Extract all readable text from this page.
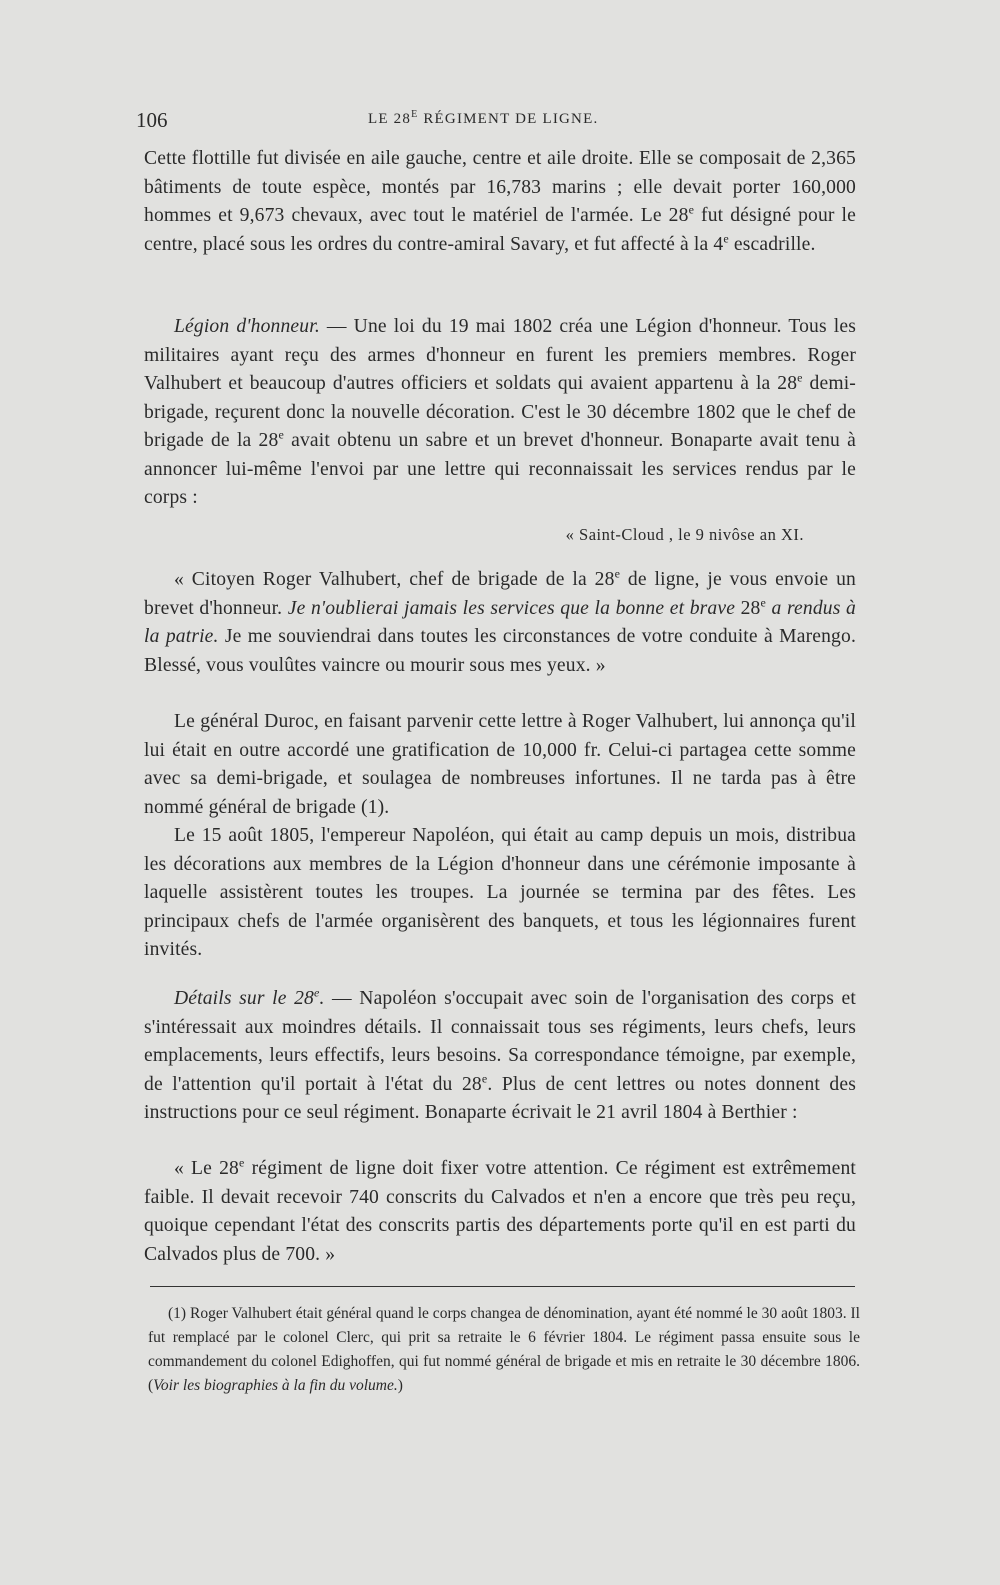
106	LE $28^E$ RÉGIMENT DE LIGNE.

Cette flottille fut divisée en aile gauche, centre et aile droite. Elle se composait de 2,365 bâtiments de toute espèce, montés par 16,783 marins ; elle devait porter 160,000 hommes et 9,673 chevaux, avec tout le matériel de l'armée. Le 28e fut désigné pour le centre, placé sous les ordres du contre-amiral Savary, et fut affecté à la 4e escadrille.

Légion d'honneur. — Une loi du 19 mai 1802 créa une Légion d'honneur. Tous les militaires ayant reçu des armes d'honneur en furent les premiers membres. Roger Valhubert et beaucoup d'autres officiers et soldats qui avaient appartenu à la 28e demi-brigade, reçurent donc la nouvelle décoration. C'est le 30 décembre 1802 que le chef de brigade de la 28e avait obtenu un sabre et un brevet d'honneur. Bonaparte avait tenu à annoncer lui-même l'envoi par une lettre qui reconnaissait les services rendus par le corps :

« Saint-Cloud , le 9 nivôse an XI.

« Citoyen Roger Valhubert, chef de brigade de la 28e de ligne, je vous envoie un brevet d'honneur. Je n'oublierai jamais les services que la bonne et brave 28e a rendus à la patrie. Je me souviendrai dans toutes les circonstances de votre conduite à Marengo. Blessé, vous voulûtes vaincre ou mourir sous mes yeux. »

Le général Duroc, en faisant parvenir cette lettre à Roger Valhubert, lui annonça qu'il lui était en outre accordé une gratification de 10,000 fr. Celui-ci partagea cette somme avec sa demi-brigade, et soulagea de nombreuses infortunes. Il ne tarda pas à être nommé général de brigade (1).

Le 15 août 1805, l'empereur Napoléon, qui était au camp depuis un mois, distribua les décorations aux membres de la Légion d'honneur dans une cérémonie imposante à laquelle assistèrent toutes les troupes. La journée se termina par des fêtes. Les principaux chefs de l'armée organisèrent des banquets, et tous les légionnaires furent invités.

Détails sur le 28e. — Napoléon s'occupait avec soin de l'organisation des corps et s'intéressait aux moindres détails. Il connaissait tous ses régiments, leurs chefs, leurs emplacements, leurs effectifs, leurs besoins. Sa correspondance témoigne, par exemple, de l'attention qu'il portait à l'état du 28e. Plus de cent lettres ou notes donnent des instructions pour ce seul régiment. Bonaparte écrivait le 21 avril 1804 à Berthier :

« Le 28e régiment de ligne doit fixer votre attention. Ce régiment est extrêmement faible. Il devait recevoir 740 conscrits du Calvados et n'en a encore que très peu reçu, quoique cependant l'état des conscrits partis des départements porte qu'il en est parti du Calvados plus de 700. »

(1) Roger Valhubert était général quand le corps changea de dénomination, ayant été nommé le 30 août 1803. Il fut remplacé par le colonel Clerc, qui prit sa retraite le 6 février 1804. Le régiment passa ensuite sous le commandement du colonel Edighoffen, qui fut nommé général de brigade et mis en retraite le 30 décembre 1806. (Voir les biographies à la fin du volume.)
